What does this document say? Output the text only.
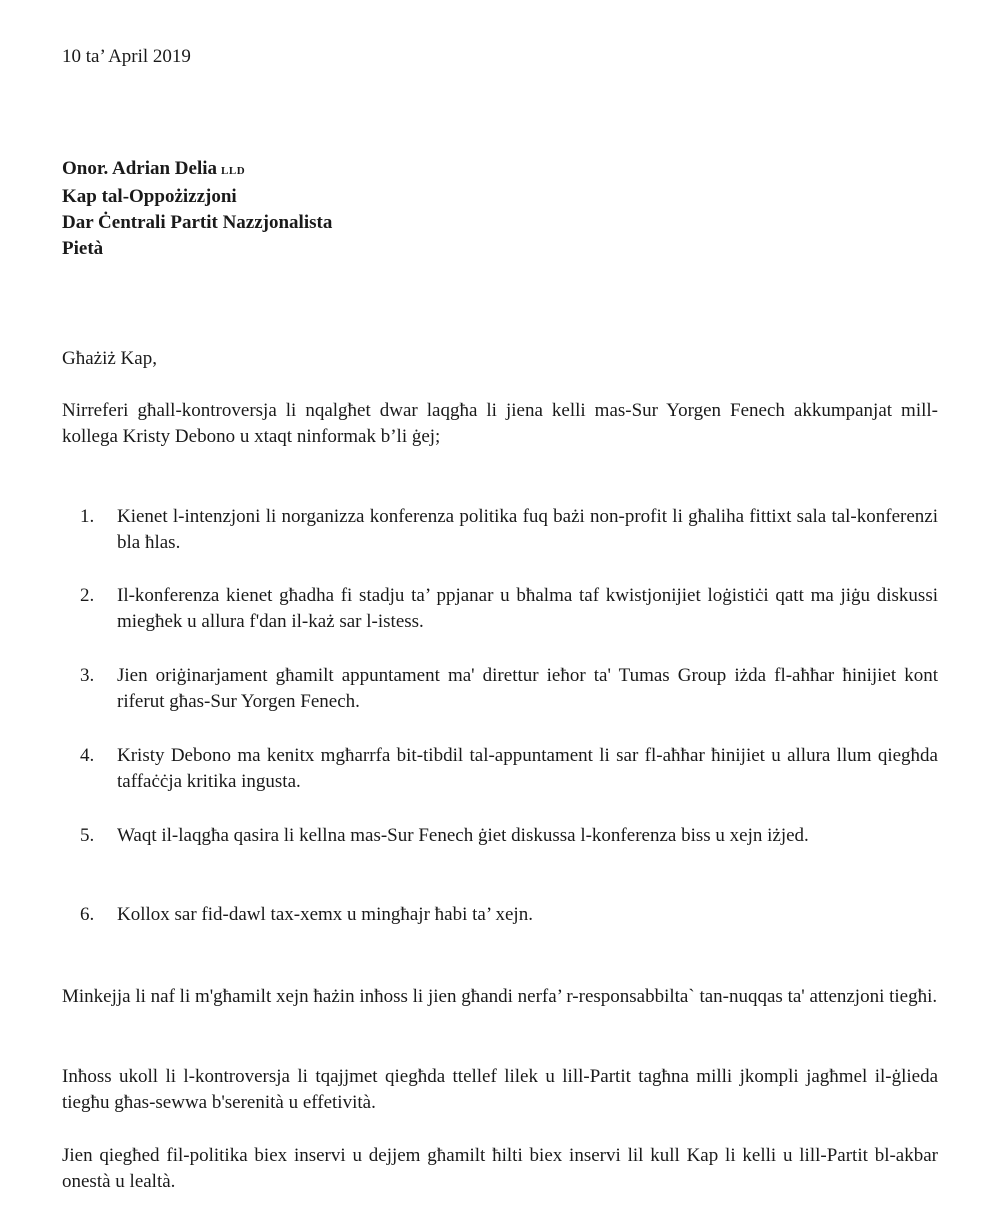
10 ta’ April 2019
Onor. Adrian Delia LLD
Kap tal-Oppożizzjoni
Dar Ċentrali Partit Nazzjonalista
Pietà
Għażiż Kap,
Nirreferi għall-kontroversja li nqalgħet dwar laqgħa li jiena kelli mas-Sur Yorgen Fenech akkumpanjat mill-kollega Kristy Debono u xtaqt ninformak b’li ġej;
1. Kienet l-intenzjoni li norganizza konferenza politika fuq bażi non-profit li għaliha fittixt sala tal-konferenzi bla ħlas.
2. Il-konferenza kienet għadha fi stadju ta’ ppjanar u bħalma taf kwistjonijiet loġistiċi qatt ma jiġu diskussi miegħek u allura f'dan il-każ sar l-istess.
3. Jien oriġinarjament għamilt appuntament ma' direttur ieħor ta' Tumas Group iżda fl-aħħar ħinijiet kont riferut għas-Sur Yorgen Fenech.
4. Kristy Debono ma kenitx mgħarrfa bit-tibdil tal-appuntament li sar fl-aħħar ħinijiet u allura llum qiegħda taffaċċja kritika ingusta.
5. Waqt il-laqgħa qasira li kellna mas-Sur Fenech ġiet diskussa l-konferenza biss u xejn iżjed.
6. Kollox sar fid-dawl tax-xemx u mingħajr ħabi ta’ xejn.
Minkejja li naf li m'għamilt xejn ħażin inħoss li jien għandi nerfa’ r-responsabbilta` tan-nuqqas ta' attenzjoni tiegħi.
Inħoss ukoll li l-kontroversja li tqajjmet qiegħda ttellef lilek u lill-Partit tagħna milli jkompli jagħmel il-ġlieda tiegħu għas-sewwa b'serenità u effetività.
Jien qiegħed fil-politika biex inservi u dejjem għamilt ħilti biex inservi lil kull Kap li kelli u lill-Partit bl-akbar onestà u lealtà.
